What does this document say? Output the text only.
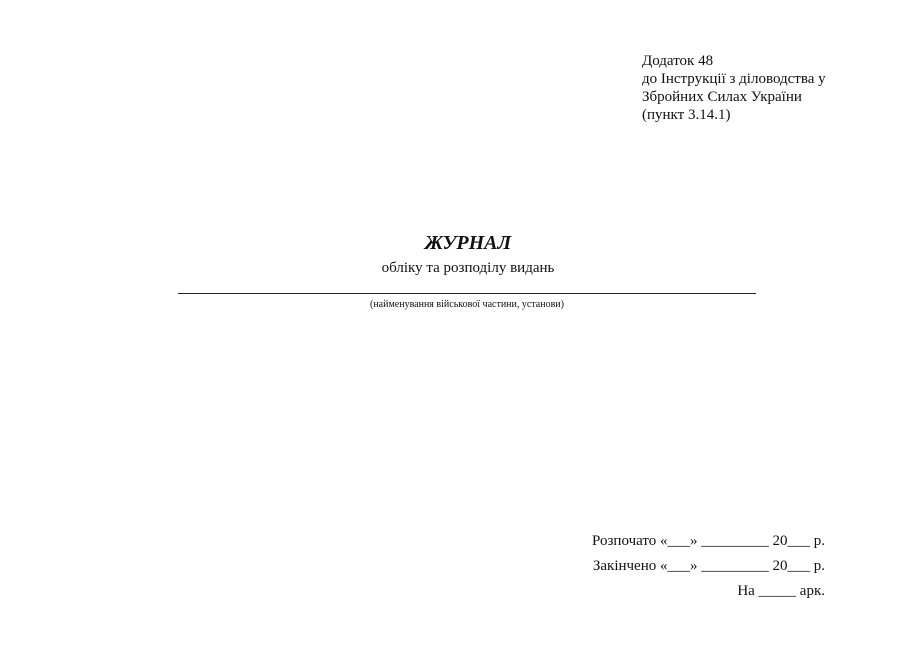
Додаток 48
до Інструкції з діловодства у
Збройних Силах України
(пункт 3.14.1)
ЖУРНАЛ
обліку та розподілу видань
(найменування військової частини, установи)
Розпочато «___» _________ 20___ р.
Закінчено «___» _________ 20___ р.
На _____ арк.
